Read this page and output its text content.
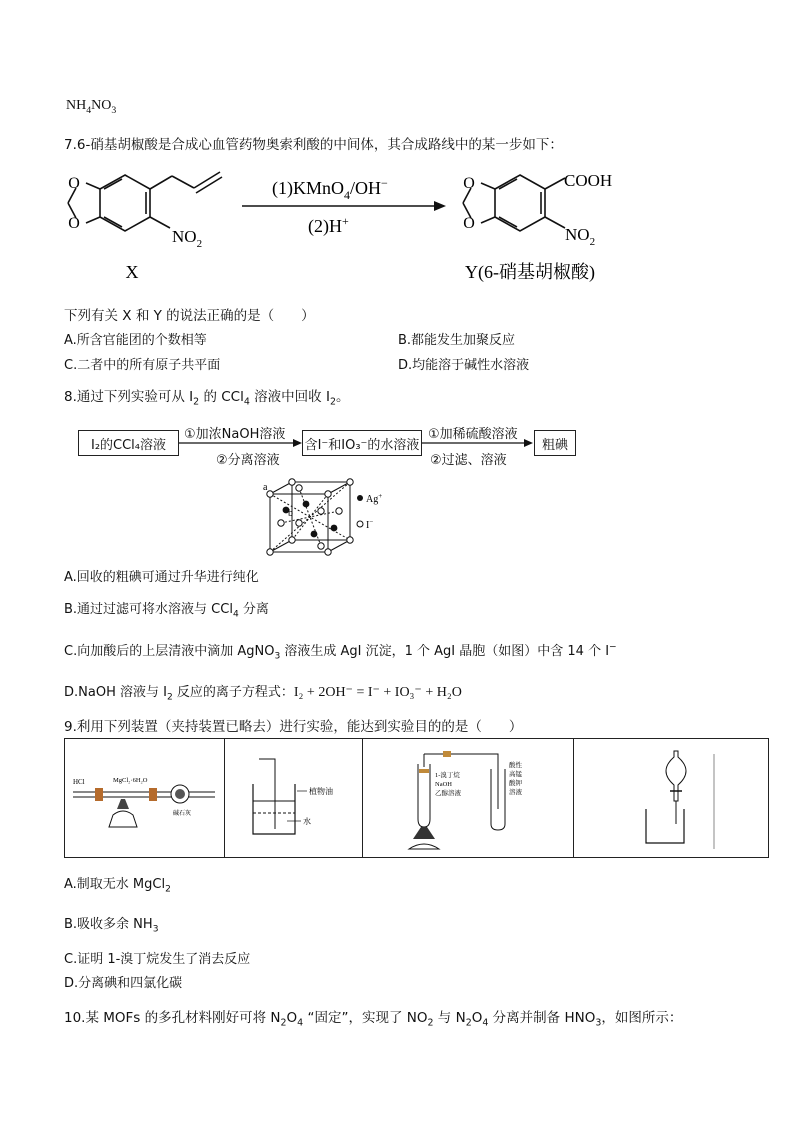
$NH_4NO_3$
7.6-硝基胡椒酸是合成心血管药物奥索利酸的中间体，其合成路线中的某一步如下：
O
O
$NO_2$
X
(1)KMnO$_4$/OH−
(2)H+
O
O
COOH
$NO_2$
Y(6-硝基胡椒酸)
下列有关 X 和 Y 的说法正确的是（　　）
A.所含官能团的个数相等	B.都能发生加聚反应
C.二者中的所有原子共平面	D.均能溶于碱性水溶液
8.通过下列实验可从 $I_2$ 的 CCl$_4$ 溶液中回收 $I_2$。
I₂的CCl₄溶液
①加浓NaOH溶液
②分离溶液
含I⁻和IO₃⁻的水溶液
①加稀硫酸溶液
②过滤、溶液
粗碘
a
b
Ag+
I−
A.回收的粗碘可通过升华进行纯化
B.通过过滤可将水溶液与 CCl$_4$ 分离
C.向加酸后的上层清液中滴加 AgNO$_3$ 溶液生成 AgI 沉淀，1 个 AgI 晶胞（如图）中含 14 个 I−
D.NaOH 溶液与 $I_2$ 反应的离子方程式：I₂ + 2OH⁻ = I⁻ + IO₃⁻ + H₂O
9.利用下列装置（夹持装置已略去）进行实验，能达到实验目的的是（　　）
HCl	MgCl₂·6H₂O
碱石灰
植物油
水
1-溴丁烷 NaOH 乙醇溶液
酸性高锰酸钾溶液
A.制取无水 MgCl$_2$
B.吸收多余 $NH_3$
C.证明 1-溴丁烷发生了消去反应
D.分离碘和四氯化碳
10.某 MOFs 的多孔材料刚好可将 $N_2O_4$ “固定”，实现了 $NO_2$ 与 $N_2O_4$ 分离并制备 $HNO_3$，如图所示：
